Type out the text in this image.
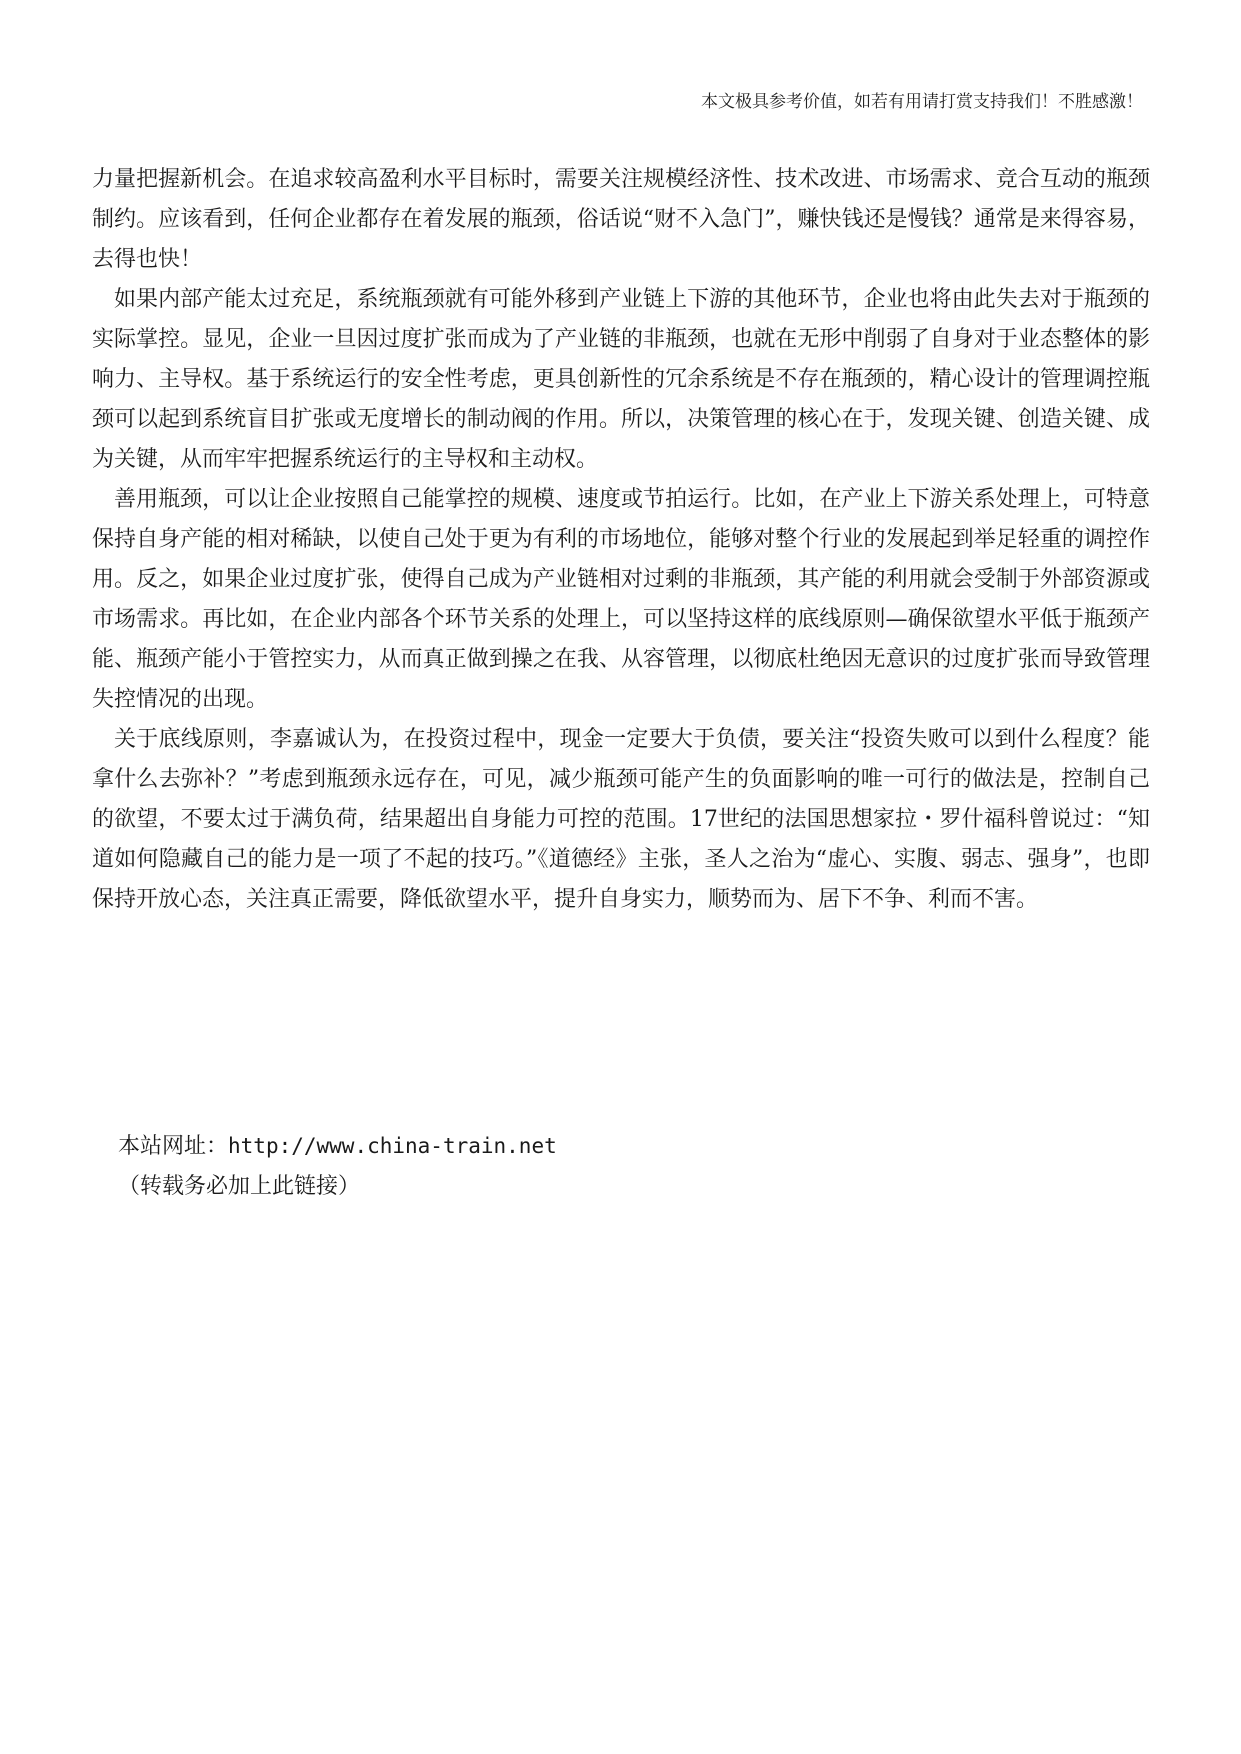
本文极具参考价值，如若有用请打赏支持我们！不胜感激！

力量把握新机会。在追求较高盈利水平目标时，需要关注规模经济性、技术改进、市场需求、竞合互动的瓶颈制约。应该看到，任何企业都存在着发展的瓶颈，俗话说“财不入急门”，赚快钱还是慢钱？通常是来得容易，去得也快！

如果内部产能太过充足，系统瓶颈就有可能外移到产业链上下游的其他环节，企业也将由此失去对于瓶颈的实际掌控。显见，企业一旦因过度扩张而成为了产业链的非瓶颈，也就在无形中削弱了自身对于业态整体的影响力、主导权。基于系统运行的安全性考虑，更具创新性的冗余系统是不存在瓶颈的，精心设计的管理调控瓶颈可以起到系统盲目扩张或无度增长的制动阀的作用。所以，决策管理的核心在于，发现关键、创造关键、成为关键，从而牢牢把握系统运行的主导权和主动权。

善用瓶颈，可以让企业按照自己能掌控的规模、速度或节拍运行。比如，在产业上下游关系处理上，可特意保持自身产能的相对稀缺，以使自己处于更为有利的市场地位，能够对整个行业的发展起到举足轻重的调控作用。反之，如果企业过度扩张，使得自己成为产业链相对过剩的非瓶颈，其产能的利用就会受制于外部资源或市场需求。再比如，在企业内部各个环节关系的处理上，可以坚持这样的底线原则—确保欲望水平低于瓶颈产能、瓶颈产能小于管控实力，从而真正做到操之在我、从容管理，以彻底杜绝因无意识的过度扩张而导致管理失控情况的出现。

关于底线原则，李嘉诚认为，在投资过程中，现金一定要大于负债，要关注“投资失败可以到什么程度？能拿什么去弥补？”考虑到瓶颈永远存在，可见，减少瓶颈可能产生的负面影响的唯一可行的做法是，控制自己的欲望，不要太过于满负荷，结果超出自身能力可控的范围。17世纪的法国思想家拉・罗什福科曾说过：“知道如何隐藏自己的能力是一项了不起的技巧。”《道德经》主张，圣人之治为“虚心、实腹、弱志、强身”，也即保持开放心态，关注真正需要，降低欲望水平，提升自身实力，顺势而为、居下不争、利而不害。

本站网址：http://www.china-train.net
（转载务必加上此链接）
